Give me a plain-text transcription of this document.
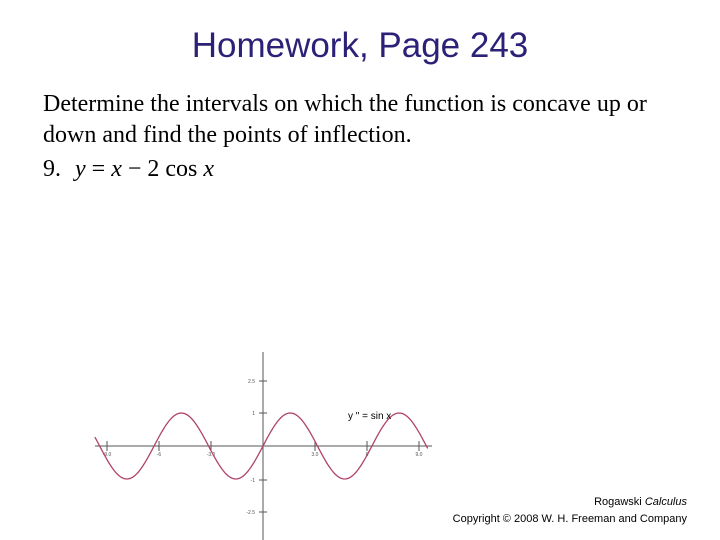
Homework, Page 243
Determine the intervals on which the function is concave up or down and find the points of inflection.
9. y = x − 2 cos x
2.5
1
-1
-2.5
-9.0	-6	-3.0	3.0	6	9.0
y " = sin x
Rogawski Calculus
Copyright © 2008 W. H. Freeman and Company
